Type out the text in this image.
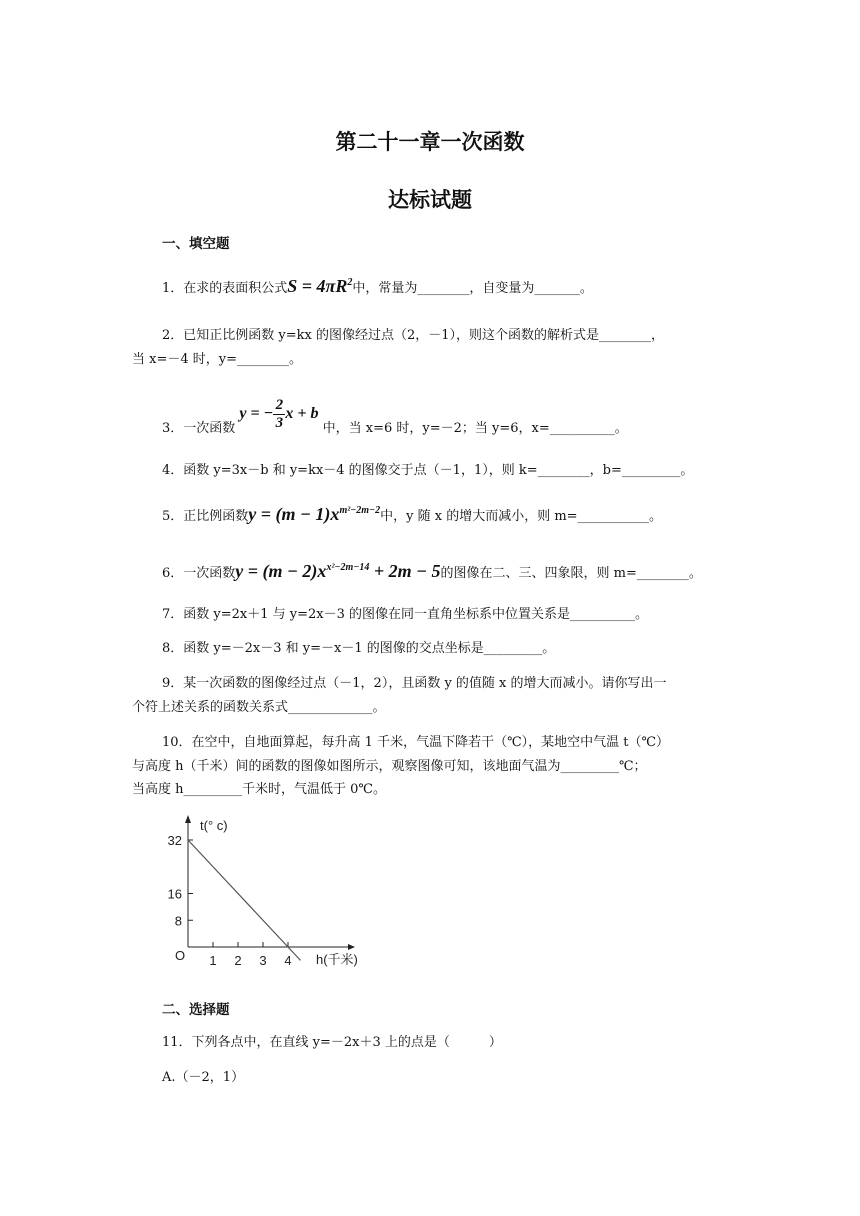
第二十一章一次函数
达标试题
一、填空题
1．在求的表面积公式$S = 4\pi R^2$中，常量为________，自变量为_______。
2．已知正比例函数 y=kx 的图像经过点（2，－1），则这个函数的解析式是________，
当 x=－4 时，y=________。
3．一次函数 y = − $\frac{2}{3}$ x + b 中，当 x=6 时，y=－2；当 y=6，x=__________。
4．函数 y=3x－b 和 y=kx－4 的图像交于点（－1，1），则 k=________，b=_________。
5．正比例函数$y = (m - 1)x^{m^2-2m-2}$中，y 随 x 的增大而减小，则 m=___________。
6．一次函数$y = (m - 2)x^{x^2-2m-14} + 2m - 5$的图像在二、三、四象限，则 m=________。
7．函数 y=2x＋1 与 y=2x－3 的图像在同一直角坐标系中位置关系是__________。
8．函数 y=－2x－3 和 y=－x－1 的图像的交点坐标是_________。
9．某一次函数的图像经过点（－1，2），且函数 y 的值随 x 的增大而减小。请你写出一
个符上述关系的函数关系式_____________。
10．在空中，自地面算起，每升高 1 千米，气温下降若干（℃），某地空中气温 t（℃）
与高度 h（千米）间的函数的图像如图所示，观察图像可知，该地面气温为_________℃；
当高度 h_________千米时，气温低于 0℃。
t(° c)
h(千米)
O 1 2 3 4
8
16
32
二、选择题
11．下列各点中，在直线 y=－2x＋3 上的点是（　　　）
A.（－2，1）
